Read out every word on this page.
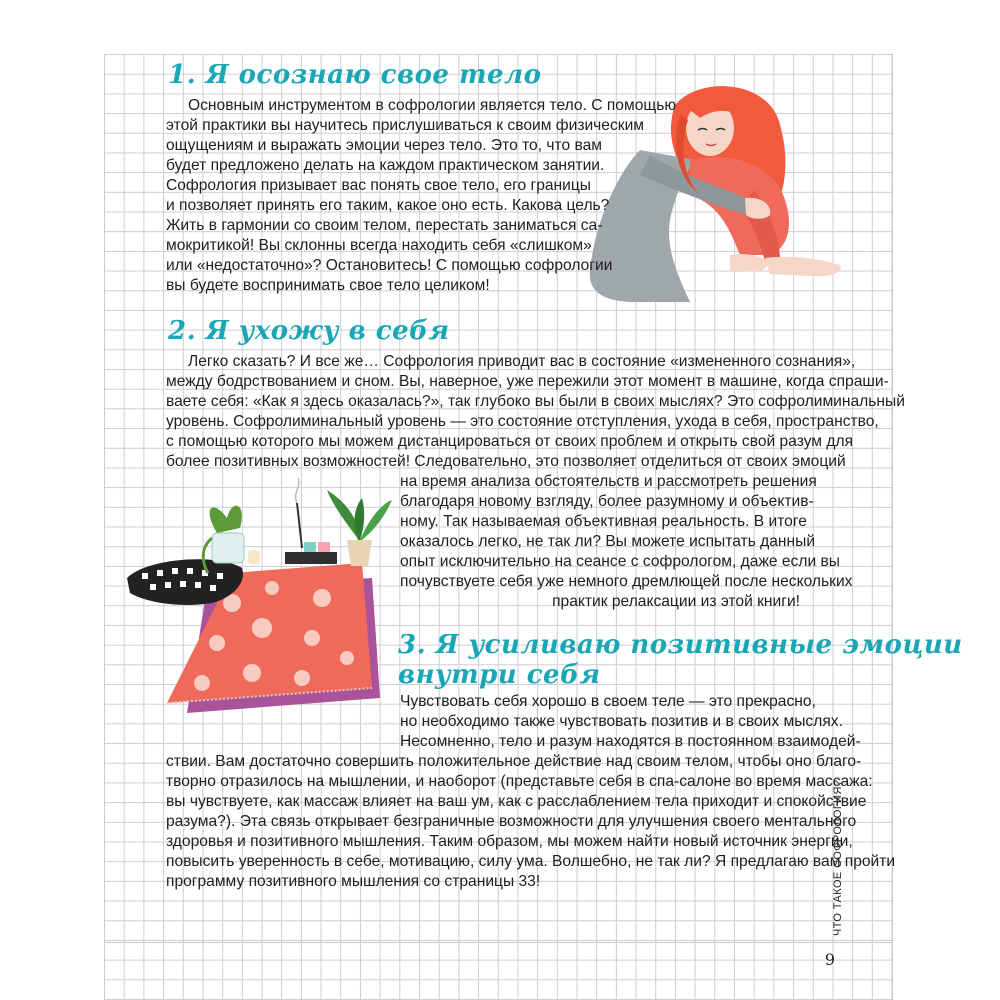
1. Я осознаю свое тело
Основным инструментом в софрологии является тело. С помощью
этой практики вы научитесь прислушиваться к своим физическим
ощущениям и выражать эмоции через тело. Это то, что вам
будет предложено делать на каждом практическом занятии.
Софрология призывает вас понять свое тело, его границы
и позволяет принять его таким, какое оно есть. Какова цель?
Жить в гармонии со своим телом, перестать заниматься са-
мокритикой! Вы склонны всегда находить себя «слишком»
или «недостаточно»? Остановитесь! С помощью софрологии
вы будете воспринимать свое тело целиком!
2. Я ухожу в себя
Легко сказать? И все же… Софрология приводит вас в состояние «измененного сознания»,
между бодрствованием и сном. Вы, наверное, уже пережили этот момент в машине, когда спраши-
ваете себя: «Как я здесь оказалась?», так глубоко вы были в своих мыслях? Это софролиминальный
уровень. Софролиминальный уровень — это состояние отступления, ухода в себя, пространство,
с помощью которого мы можем дистанцироваться от своих проблем и открыть свой разум для
более позитивных возможностей! Следовательно, это позволяет отделиться от своих эмоций
на время анализа обстоятельств и рассмотреть решения
благодаря новому взгляду, более разумному и объектив-
ному. Так называемая объективная реальность. В итоге
оказалось легко, не так ли? Вы можете испытать данный
опыт исключительно на сеансе с софрологом, даже если вы
почувствуете себя уже немного дремлющей после нескольких
практик релаксации из этой книги!
3. Я усиливаю позитивные эмоции
внутри себя
Чувствовать себя хорошо в своем теле — это прекрасно,
но необходимо также чувствовать позитив и в своих мыслях.
Несомненно, тело и разум находятся в постоянном взаимодей-
ствии. Вам достаточно совершить положительное действие над своим телом, чтобы оно благо-
творно отразилось на мышлении, и наоборот (представьте себя в спа-салоне во время массажа:
вы чувствуете, как массаж влияет на ваш ум, как с расслаблением тела приходит и спокойствие
разума?). Эта связь открывает безграничные возможности для улучшения своего ментального
здоровья и позитивного мышления. Таким образом, мы можем найти новый источник энергии,
повысить уверенность в себе, мотивацию, силу ума. Волшебно, не так ли? Я предлагаю вам пройти
программу позитивного мышления со страницы 33!	ЧТО ТАКОЕ СОФРОЛОГИЯ?
9
